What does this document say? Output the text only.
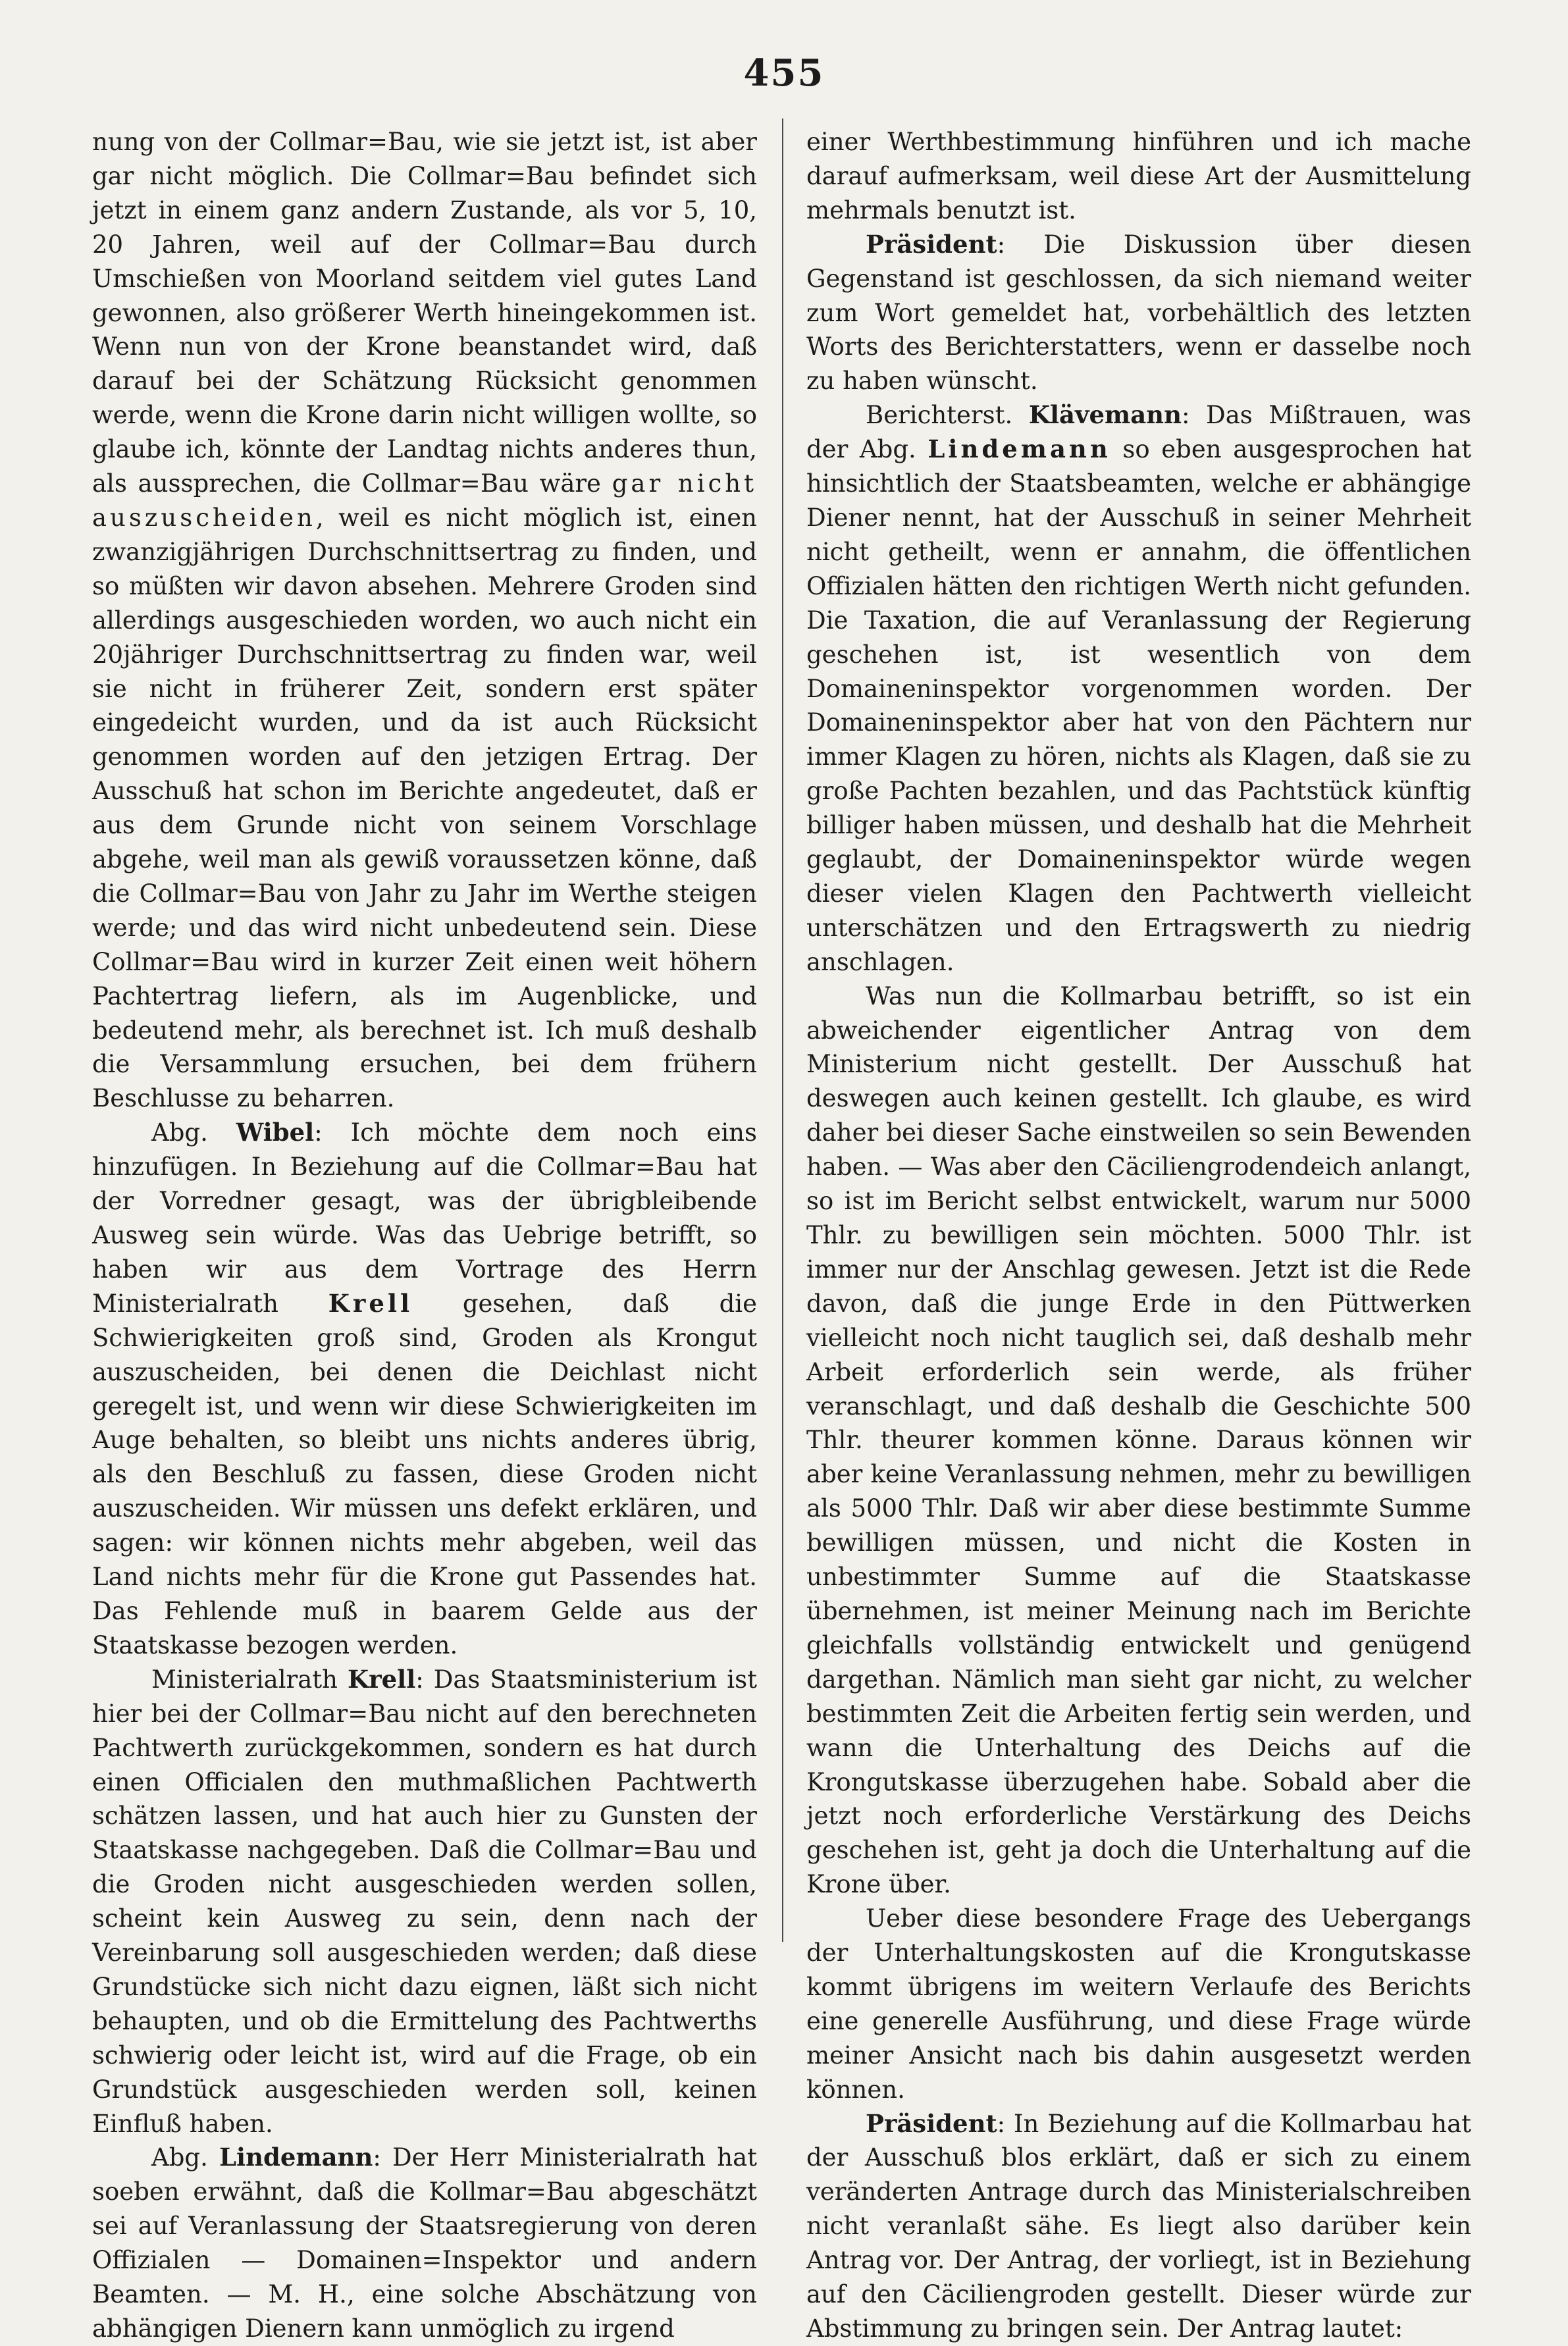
455

nung von der Collmar=Bau, wie sie jetzt ist, ist aber gar nicht möglich. Die Collmar=Bau befindet sich jetzt in einem ganz andern Zustande, als vor 5, 10, 20 Jahren, weil auf der Collmar=Bau durch Umschießen von Moorland seitdem viel gutes Land gewonnen, also größerer Werth hineingekommen ist. Wenn nun von der Krone beanstandet wird, daß darauf bei der Schätzung Rücksicht genommen werde, wenn die Krone darin nicht willigen wollte, so glaube ich, könnte der Landtag nichts anderes thun, als aussprechen, die Collmar=Bau wäre gar nicht auszuscheiden, weil es nicht möglich ist, einen zwanzigjährigen Durchschnittsertrag zu finden, und so müßten wir davon absehen. Mehrere Groden sind allerdings ausgeschieden worden, wo auch nicht ein 20jähriger Durchschnittsertrag zu finden war, weil sie nicht in früherer Zeit, sondern erst später eingedeicht wurden, und da ist auch Rücksicht genommen worden auf den jetzigen Ertrag. Der Ausschuß hat schon im Berichte angedeutet, daß er aus dem Grunde nicht von seinem Vorschlage abgehe, weil man als gewiß voraussetzen könne, daß die Collmar=Bau von Jahr zu Jahr im Werthe steigen werde; und das wird nicht unbedeutend sein. Diese Collmar=Bau wird in kurzer Zeit einen weit höhern Pachtertrag liefern, als im Augenblicke, und bedeutend mehr, als berechnet ist. Ich muß deshalb die Versammlung ersuchen, bei dem frühern Beschlusse zu beharren.

Abg. Wibel: Ich möchte dem noch eins hinzufügen. In Beziehung auf die Collmar=Bau hat der Vorredner gesagt, was der übrigbleibende Ausweg sein würde. Was das Uebrige betrifft, so haben wir aus dem Vortrage des Herrn Ministerialrath Krell gesehen, daß die Schwierigkeiten groß sind, Groden als Krongut auszuscheiden, bei denen die Deichlast nicht geregelt ist, und wenn wir diese Schwierigkeiten im Auge behalten, so bleibt uns nichts anderes übrig, als den Beschluß zu fassen, diese Groden nicht auszuscheiden. Wir müssen uns defekt erklären, und sagen: wir können nichts mehr abgeben, weil das Land nichts mehr für die Krone gut Passendes hat. Das Fehlende muß in baarem Gelde aus der Staatskasse bezogen werden.

Ministerialrath Krell: Das Staatsministerium ist hier bei der Collmar=Bau nicht auf den berechneten Pachtwerth zurückgekommen, sondern es hat durch einen Officialen den muthmaßlichen Pachtwerth schätzen lassen, und hat auch hier zu Gunsten der Staatskasse nachgegeben. Daß die Collmar=Bau und die Groden nicht ausgeschieden werden sollen, scheint kein Ausweg zu sein, denn nach der Vereinbarung soll ausgeschieden werden; daß diese Grundstücke sich nicht dazu eignen, läßt sich nicht behaupten, und ob die Ermittelung des Pachtwerths schwierig oder leicht ist, wird auf die Frage, ob ein Grundstück ausgeschieden werden soll, keinen Einfluß haben.

Abg. Lindemann: Der Herr Ministerialrath hat soeben erwähnt, daß die Kollmar=Bau abgeschätzt sei auf Veranlassung der Staatsregierung von deren Offizialen — Domainen=Inspektor und andern Beamten. — M. H., eine solche Abschätzung von abhängigen Dienern kann unmöglich zu irgend

einer Werthbestimmung hinführen und ich mache darauf aufmerksam, weil diese Art der Ausmittelung mehrmals benutzt ist.

Präsident: Die Diskussion über diesen Gegenstand ist geschlossen, da sich niemand weiter zum Wort gemeldet hat, vorbehältlich des letzten Worts des Berichterstatters, wenn er dasselbe noch zu haben wünscht.

Berichterst. Klävemann: Das Mißtrauen, was der Abg. Lindemann so eben ausgesprochen hat hinsichtlich der Staatsbeamten, welche er abhängige Diener nennt, hat der Ausschuß in seiner Mehrheit nicht getheilt, wenn er annahm, die öffentlichen Offizialen hätten den richtigen Werth nicht gefunden. Die Taxation, die auf Veranlassung der Regierung geschehen ist, ist wesentlich von dem Domaineninspektor vorgenommen worden. Der Domaineninspektor aber hat von den Pächtern nur immer Klagen zu hören, nichts als Klagen, daß sie zu große Pachten bezahlen, und das Pachtstück künftig billiger haben müssen, und deshalb hat die Mehrheit geglaubt, der Domaineninspektor würde wegen dieser vielen Klagen den Pachtwerth vielleicht unterschätzen und den Ertragswerth zu niedrig anschlagen.

Was nun die Kollmarbau betrifft, so ist ein abweichender eigentlicher Antrag von dem Ministerium nicht gestellt. Der Ausschuß hat deswegen auch keinen gestellt. Ich glaube, es wird daher bei dieser Sache einstweilen so sein Bewenden haben. — Was aber den Cäciliengrodendeich anlangt, so ist im Bericht selbst entwickelt, warum nur 5000 Thlr. zu bewilligen sein möchten. 5000 Thlr. ist immer nur der Anschlag gewesen. Jetzt ist die Rede davon, daß die junge Erde in den Püttwerken vielleicht noch nicht tauglich sei, daß deshalb mehr Arbeit erforderlich sein werde, als früher veranschlagt, und daß deshalb die Geschichte 500 Thlr. theurer kommen könne. Daraus können wir aber keine Veranlassung nehmen, mehr zu bewilligen als 5000 Thlr. Daß wir aber diese bestimmte Summe bewilligen müssen, und nicht die Kosten in unbestimmter Summe auf die Staatskasse übernehmen, ist meiner Meinung nach im Berichte gleichfalls vollständig entwickelt und genügend dargethan. Nämlich man sieht gar nicht, zu welcher bestimmten Zeit die Arbeiten fertig sein werden, und wann die Unterhaltung des Deichs auf die Krongutskasse überzugehen habe. Sobald aber die jetzt noch erforderliche Verstärkung des Deichs geschehen ist, geht ja doch die Unterhaltung auf die Krone über.

Ueber diese besondere Frage des Uebergangs der Unterhaltungskosten auf die Krongutskasse kommt übrigens im weitern Verlaufe des Berichts eine generelle Ausführung, und diese Frage würde meiner Ansicht nach bis dahin ausgesetzt werden können.

Präsident: In Beziehung auf die Kollmarbau hat der Ausschuß blos erklärt, daß er sich zu einem veränderten Antrage durch das Ministerialschreiben nicht veranlaßt sähe. Es liegt also darüber kein Antrag vor. Der Antrag, der vorliegt, ist in Beziehung auf den Cäciliengroden gestellt. Dieser würde zur Abstimmung zu bringen sein. Der Antrag lautet:
